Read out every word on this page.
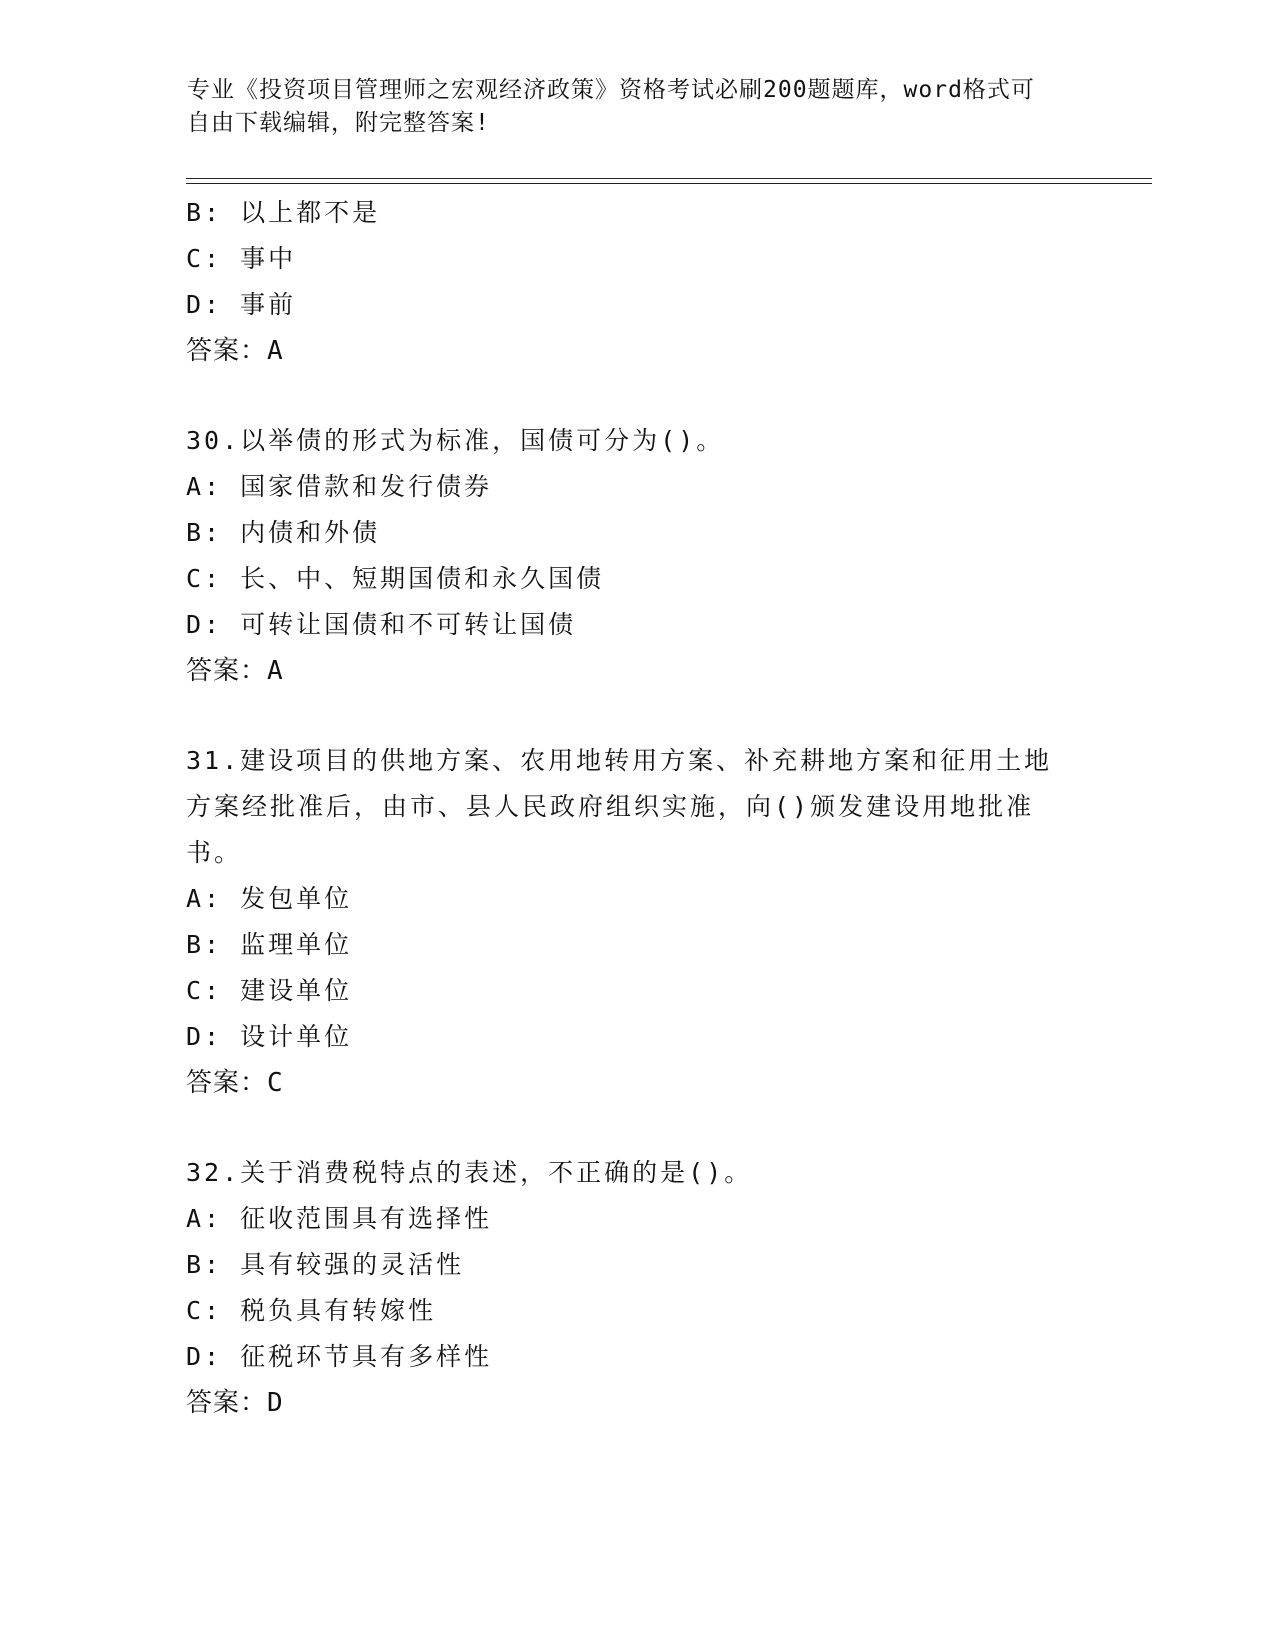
专业《投资项目管理师之宏观经济政策》资格考试必刷200题题库，word格式可
自由下载编辑，附完整答案!
B: 以上都不是
C: 事中
D: 事前
答案：A
30.以举债的形式为标准，国债可分为()。
A: 国家借款和发行债券
B: 内债和外债
C: 长、中、短期国债和永久国债
D: 可转让国债和不可转让国债
答案：A
31.建设项目的供地方案、农用地转用方案、补充耕地方案和征用土地
方案经批准后，由市、县人民政府组织实施，向()颁发建设用地批准
书。
A: 发包单位
B: 监理单位
C: 建设单位
D: 设计单位
答案：C
32.关于消费税特点的表述，不正确的是()。
A: 征收范围具有选择性
B: 具有较强的灵活性
C: 税负具有转嫁性
D: 征税环节具有多样性
答案：D
